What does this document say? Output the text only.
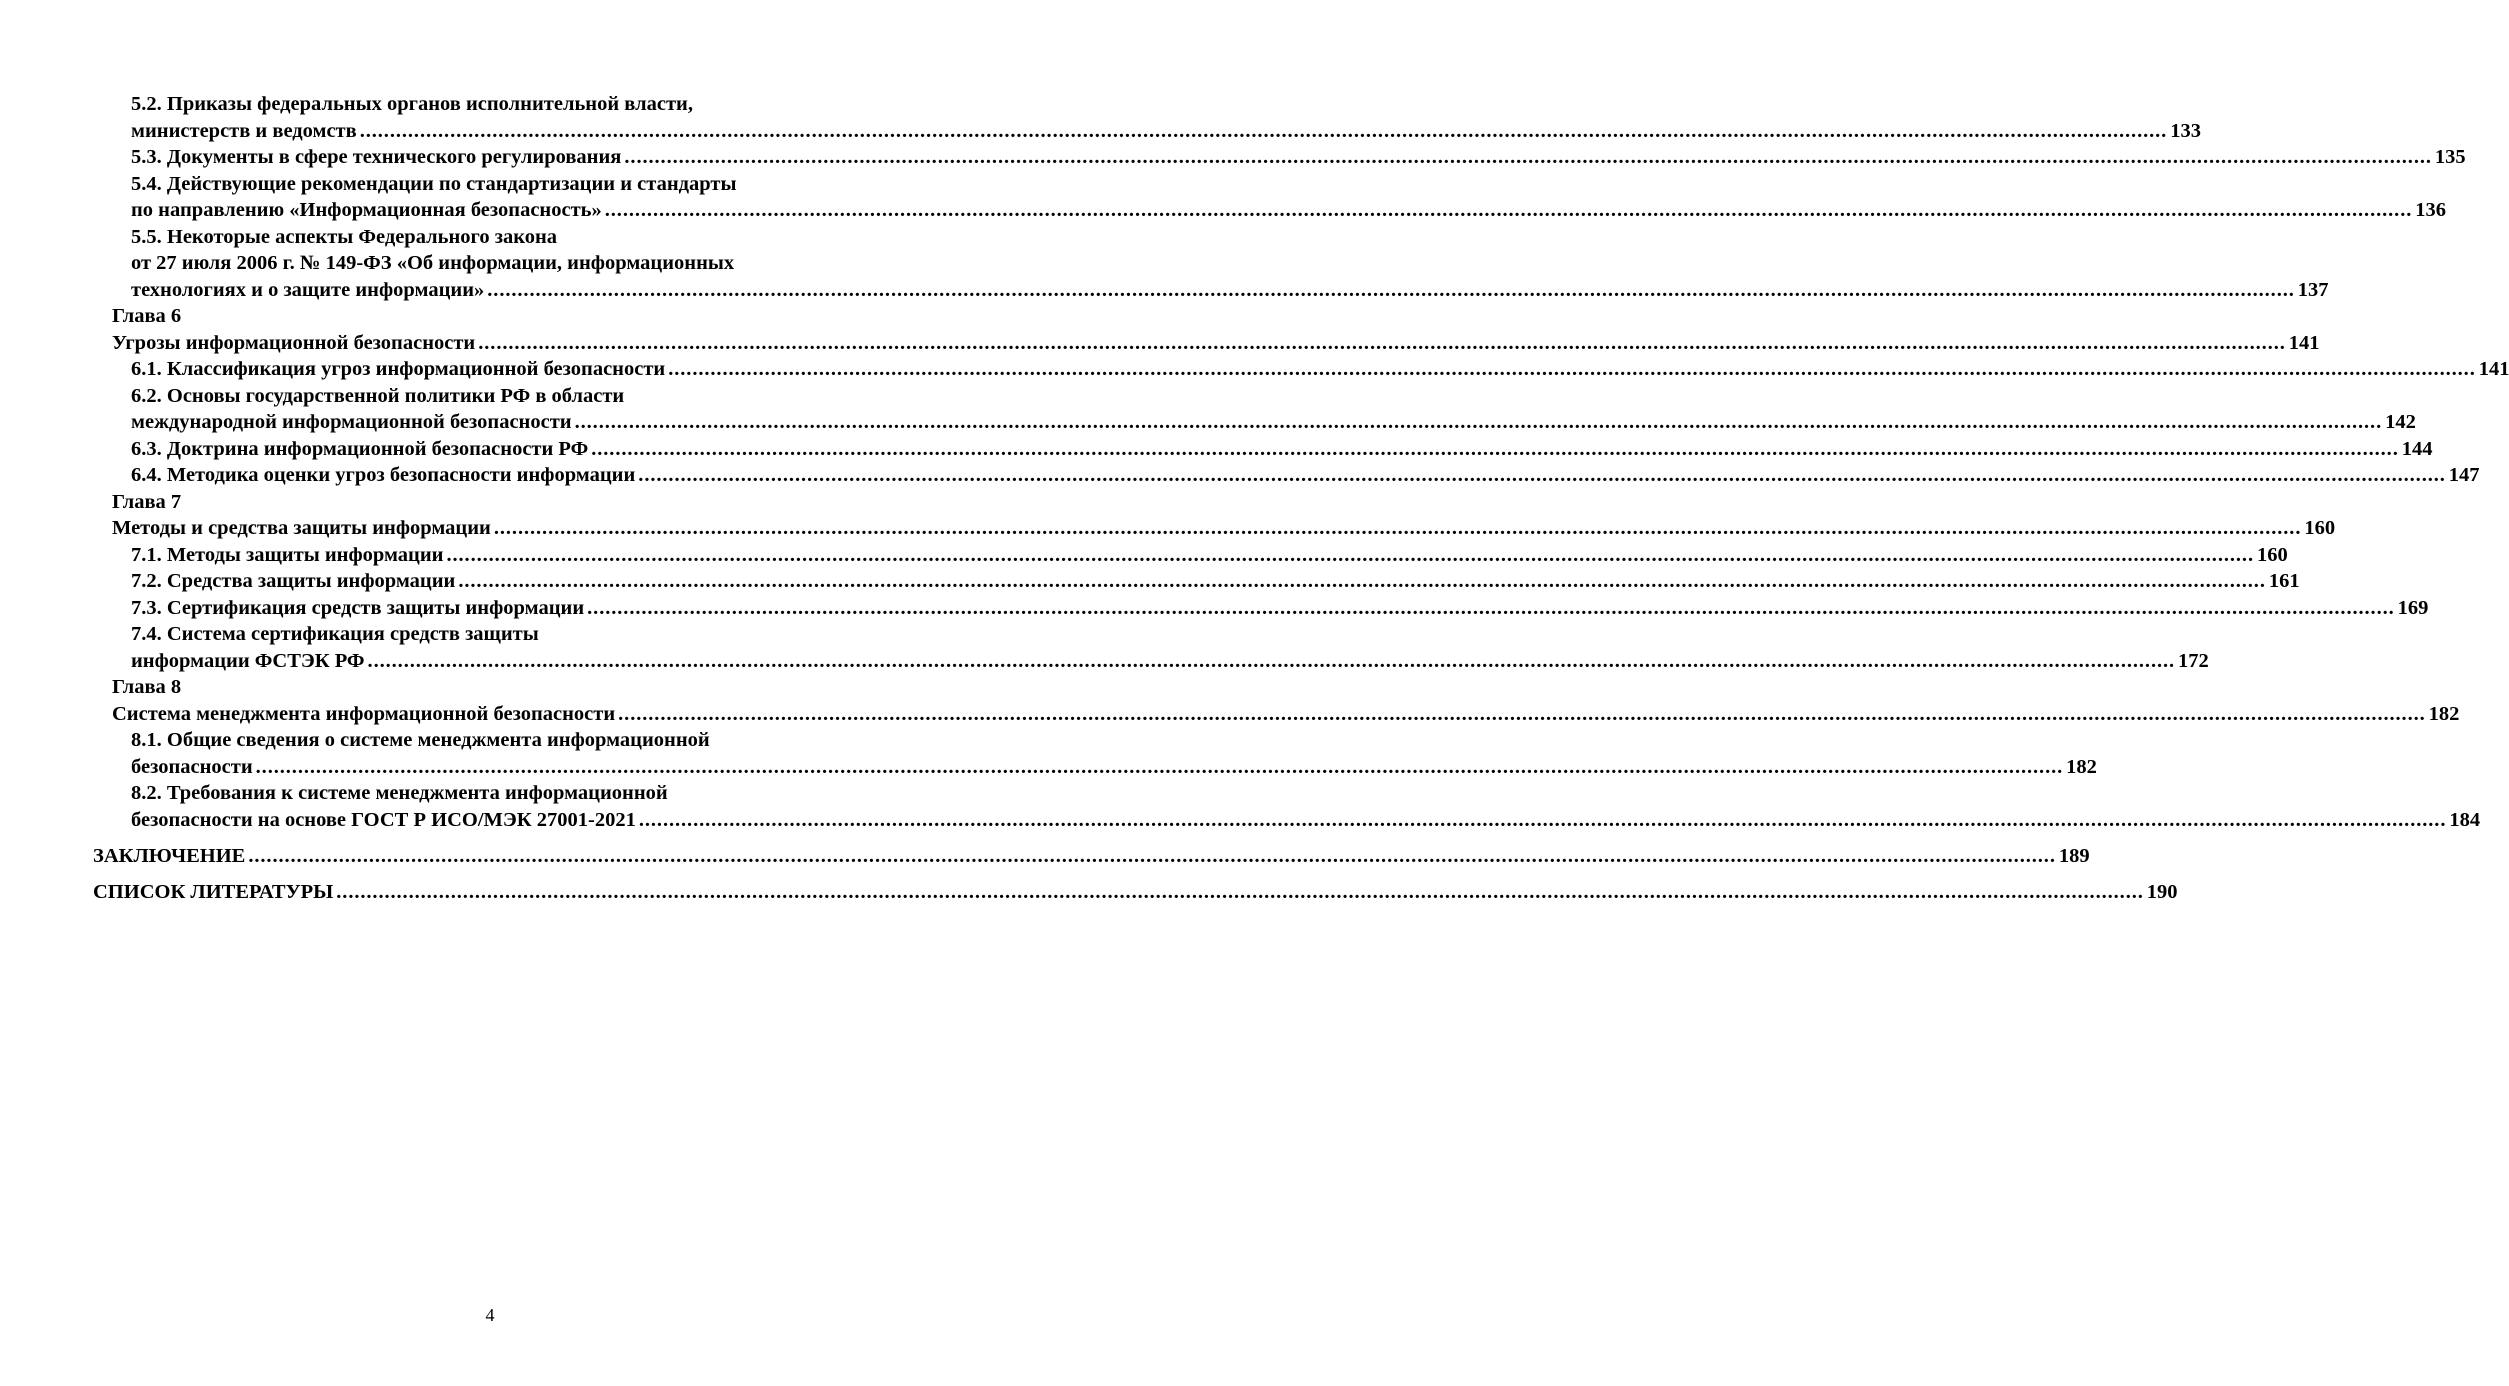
5.2. Приказы федеральных органов исполнительной власти,
министерств и ведомств ............................................................................................................................................................................................................................................................................................................ 133
5.3. Документы в сфере технического регулирования ............................................................................................................................................................................................................................................................................................................ 135
5.4. Действующие рекомендации по стандартизации и стандарты
по направлению «Информационная безопасность» ............................................................................................................................................................................................................................................................................................................ 136
5.5. Некоторые аспекты Федерального закона
от 27 июля 2006 г. № 149-ФЗ «Об информации, информационных
технологиях и о защите информации» ............................................................................................................................................................................................................................................................................................................ 137
Глава 6
Угрозы информационной безопасности ............................................................................................................................................................................................................................................................................................................ 141
6.1. Классификация угроз информационной безопасности ............................................................................................................................................................................................................................................................................................................ 141
6.2. Основы государственной политики РФ в области
международной информационной безопасности ............................................................................................................................................................................................................................................................................................................ 142
6.3. Доктрина информационной безопасности РФ ............................................................................................................................................................................................................................................................................................................ 144
6.4. Методика оценки угроз безопасности информации ............................................................................................................................................................................................................................................................................................................ 147
Глава 7
Методы и средства защиты информации ............................................................................................................................................................................................................................................................................................................ 160
7.1. Методы защиты информации ............................................................................................................................................................................................................................................................................................................ 160
7.2. Средства защиты информации ............................................................................................................................................................................................................................................................................................................ 161
7.3. Сертификация средств защиты информации ............................................................................................................................................................................................................................................................................................................ 169
7.4. Система сертификация средств защиты
информации ФСТЭК РФ ............................................................................................................................................................................................................................................................................................................ 172
Глава 8
Система менеджмента информационной безопасности ............................................................................................................................................................................................................................................................................................................ 182
8.1. Общие сведения о системе менеджмента информационной
безопасности ............................................................................................................................................................................................................................................................................................................ 182
8.2. Требования к системе менеджмента информационной
безопасности на основе ГОСТ Р ИСО/МЭК 27001-2021 ............................................................................................................................................................................................................................................................................................................ 184
ЗАКЛЮЧЕНИЕ ............................................................................................................................................................................................................................................................................................................ 189
СПИСОК ЛИТЕРАТУРЫ ............................................................................................................................................................................................................................................................................................................ 190
4
